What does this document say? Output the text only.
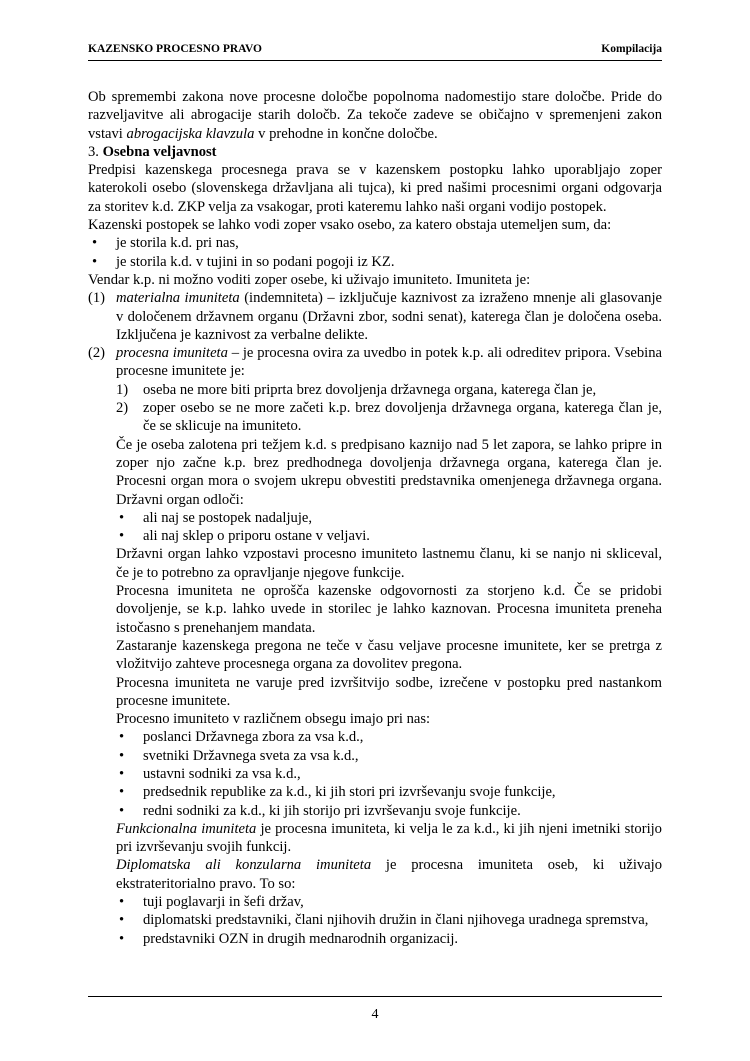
KAZENSKO PROCESNO PRAVO	Kompilacija

Ob spremembi zakona nove procesne določbe popolnoma nadomestijo stare določbe. Pride do razveljavitve ali abrogacije starih določb. Za tekoče zadeve se običajno v spremenjeni zakon vstavi abrogacijska klavzula v prehodne in končne določbe.

3. Osebna veljavnost

Predpisi kazenskega procesnega prava se v kazenskem postopku lahko uporabljajo zoper katerokoli osebo (slovenskega državljana ali tujca), ki pred našimi procesnimi organi odgovarja za storitev k.d. ZKP velja za vsakogar, proti kateremu lahko naši organi vodijo postopek.

Kazenski postopek se lahko vodi zoper vsako osebo, za katero obstaja utemeljen sum, da:

• je storila k.d. pri nas,
• je storila k.d. v tujini in so podani pogoji iz KZ.

Vendar k.p. ni možno voditi zoper osebe, ki uživajo imuniteto. Imuniteta je:

(1) materialna imuniteta (indemniteta) – izključuje kaznivost za izraženo mnenje ali glasovanje v določenem državnem organu (Državni zbor, sodni senat), katerega član je določena oseba. Izključena je kaznivost za verbalne delikte.
(2) procesna imuniteta – je procesna ovira za uvedbo in potek k.p. ali odreditev pripora. Vsebina procesne imunitete je:
1) oseba ne more biti priprta brez dovoljenja državnega organa, katerega član je,
2) zoper osebo se ne more začeti k.p. brez dovoljenja državnega organa, katerega član je, če se sklicuje na imuniteto.

Če je oseba zalotena pri težjem k.d. s predpisano kaznijo nad 5 let zapora, se lahko pripre in zoper njo začne k.p. brez predhodnega dovoljenja državnega organa, katerega član je. Procesni organ mora o svojem ukrepu obvestiti predstavnika omenjenega državnega organa. Državni organ odloči:

• ali naj se postopek nadaljuje,
• ali naj sklep o priporu ostane v veljavi.

Državni organ lahko vzpostavi procesno imuniteto lastnemu članu, ki se nanjo ni skliceval, če je to potrebno za opravljanje njegove funkcije.

Procesna imuniteta ne oprošča kazenske odgovornosti za storjeno k.d. Če se pridobi dovoljenje, se k.p. lahko uvede in storilec je lahko kaznovan. Procesna imuniteta preneha istočasno s prenehanjem mandata.

Zastaranje kazenskega pregona ne teče v času veljave procesne imunitete, ker se pretrga z vložitvijo zahteve procesnega organa za dovolitev pregona.

Procesna imuniteta ne varuje pred izvršitvijo sodbe, izrečene v postopku pred nastankom procesne imunitete.

Procesno imuniteto v različnem obsegu imajo pri nas:

• poslanci Državnega zbora za vsa k.d.,
• svetniki Državnega sveta za vsa k.d.,
• ustavni sodniki za vsa k.d.,
• predsednik republike za k.d., ki jih stori pri izvrševanju svoje funkcije,
• redni sodniki za k.d., ki jih storijo pri izvrševanju svoje funkcije.

Funkcionalna imuniteta je procesna imuniteta, ki velja le za k.d., ki jih njeni imetniki storijo pri izvrševanju svojih funkcij.

Diplomatska ali konzularna imuniteta je procesna imuniteta oseb, ki uživajo ekstrateritorialno pravo. To so:

• tuji poglavarji in šefi držav,
• diplomatski predstavniki, člani njihovih družin in člani njihovega uradnega spremstva,
• predstavniki OZN in drugih mednarodnih organizacij.
4
